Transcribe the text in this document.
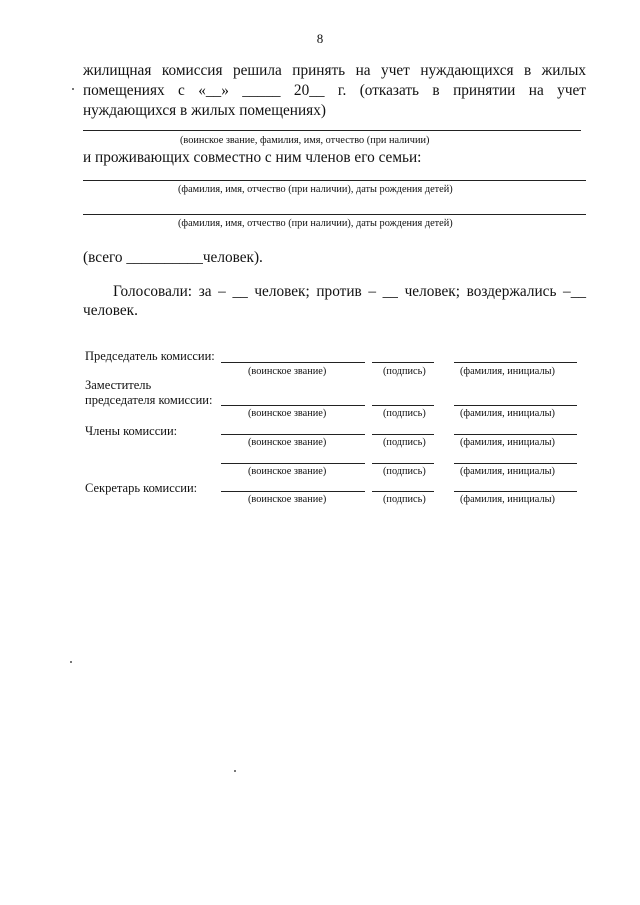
8

жилищная комиссия решила принять на учет нуждающихся в жилых помещениях с «__» _____ 20__ г. (отказать в принятии на учет нуждающихся в жилых помещениях)

(воинское звание, фамилия, имя, отчество (при наличии)
и проживающих совместно с ним членов его семьи:
(фамилия, имя, отчество (при наличии), даты рождения детей)
(фамилия, имя, отчество (при наличии), даты рождения детей)
(всего __________человек).

Голосовали: за – __ человек; против – __ человек; воздержались –__ человек.

Председатель комиссии:
(воинское звание)	(подпись)	(фамилия, инициалы)
Заместитель
председателя комиссии:
(воинское звание)	(подпись)	(фамилия, инициалы)
Члены комиссии:
(воинское звание)	(подпись)	(фамилия, инициалы)
(воинское звание)	(подпись)	(фамилия, инициалы)
Секретарь комиссии:
(воинское звание)	(подпись)	(фамилия, инициалы)
